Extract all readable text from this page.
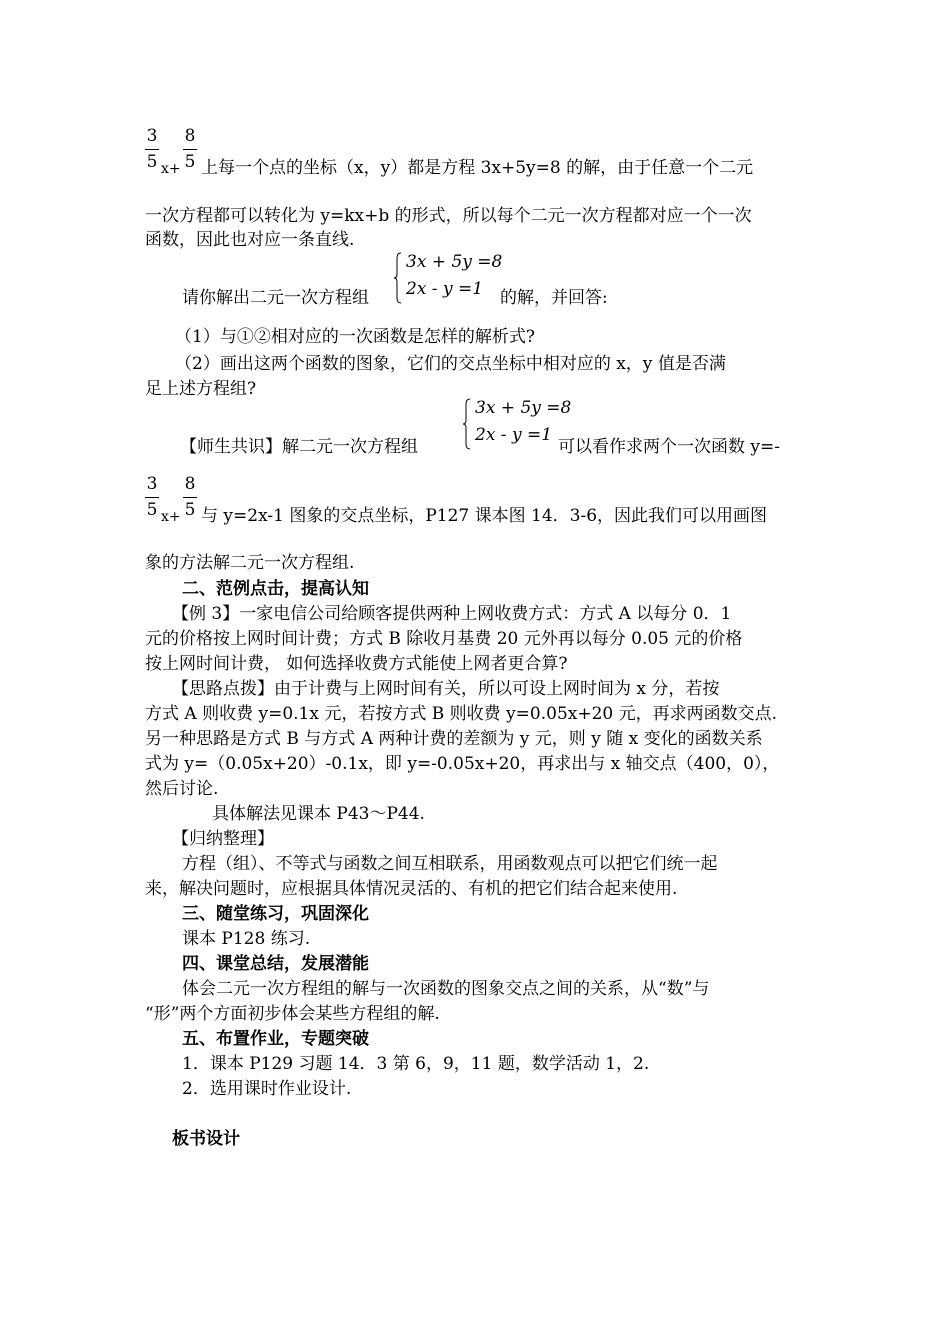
3
5 x+
8
5 上每一个点的坐标（x，y）都是方程 3x+5y=8 的解，由于任意一个二元
一次方程都可以转化为 y=kx+b 的形式，所以每个二元一次方程都对应一个一次
函数，因此也对应一条直线.
3x + 5y =8
2x - y =1
请你解出二元一次方程组	的解，并回答:
（1）与①②相对应的一次函数是怎样的解析式?
（2）画出这两个函数的图象，它们的交点坐标中相对应的 x，y 值是否满
足上述方程组?
3x + 5y =8
2x - y =1
【师生共识】解二元一次方程组	可以看作求两个一次函数 y=-
3
5 x+
8
5 与 y=2x-1 图象的交点坐标，P127 课本图 14．3-6，因此我们可以用画图
象的方法解二元一次方程组.
二、范例点击，提高认知
【例 3】一家电信公司给顾客提供两种上网收费方式：方式 A 以每分 0．1
元的价格按上网时间计费；方式 B 除收月基费 20 元外再以每分 0.05 元的价格
按上网时间计费， 如何选择收费方式能使上网者更合算?
【思路点拨】由于计费与上网时间有关，所以可设上网时间为 x 分，若按
方式 A 则收费 y=0.1x 元，若按方式 B 则收费 y=0.05x+20 元，再求两函数交点.
另一种思路是方式 B 与方式 A 两种计费的差额为 y 元，则 y 随 x 变化的函数关系
式为 y=（0.05x+20）-0.1x，即 y=-0.05x+20，再求出与 x 轴交点（400，0），
然后讨论.
具体解法见课本 P43～P44.
【归纳整理】
方程（组）、不等式与函数之间互相联系，用函数观点可以把它们统一起
来，解决问题时，应根据具体情况灵活的、有机的把它们结合起来使用.
三、随堂练习，巩固深化
课本 P128 练习.
四、课堂总结，发展潜能
体会二元一次方程组的解与一次函数的图象交点之间的关系，从“数”与
“形”两个方面初步体会某些方程组的解.
五、布置作业，专题突破
1．课本 P129 习题 14．3 第 6，9，11 题，数学活动 1，2.
2．选用课时作业设计.
板书设计
